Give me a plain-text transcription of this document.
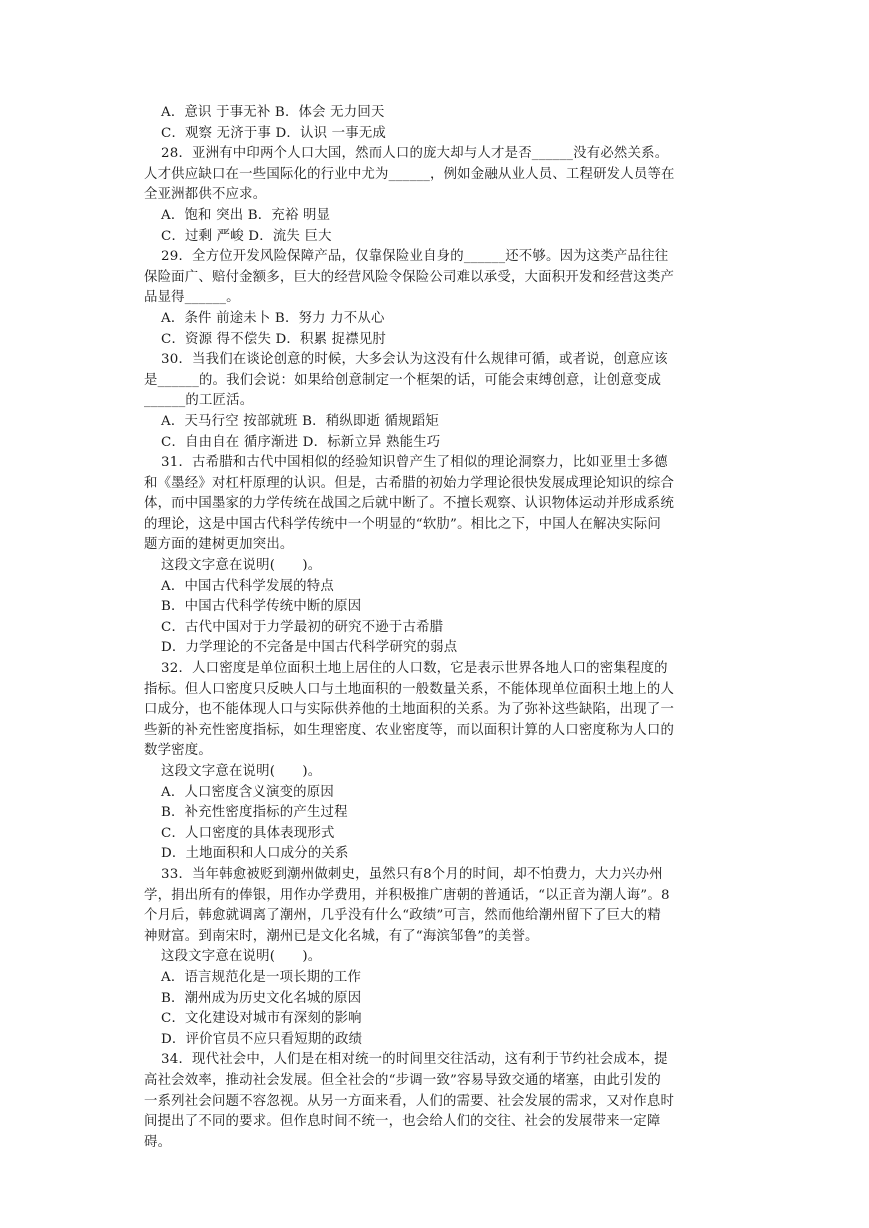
A．意识 于事无补 B．体会 无力回天
C．观察 无济于事 D．认识 一事无成
28．亚洲有中印两个人口大国，然而人口的庞大却与人才是否______没有必然关系。
人才供应缺口在一些国际化的行业中尤为______，例如金融从业人员、工程研发人员等在
全亚洲都供不应求。
A．饱和 突出 B．充裕 明显
C．过剩 严峻 D．流失 巨大
29．全方位开发风险保障产品，仅靠保险业自身的______还不够。因为这类产品往往
保险面广、赔付金额多，巨大的经营风险令保险公司难以承受，大面积开发和经营这类产
品显得______。
A．条件 前途未卜 B．努力 力不从心
C．资源 得不偿失 D．积累 捉襟见肘
30．当我们在谈论创意的时候，大多会认为这没有什么规律可循，或者说，创意应该
是______的。我们会说：如果给创意制定一个框架的话，可能会束缚创意，让创意变成
______的工匠活。
A．天马行空 按部就班 B．稍纵即逝 循规蹈矩
C．自由自在 循序渐进 D．标新立异 熟能生巧
31．古希腊和古代中国相似的经验知识曾产生了相似的理论洞察力，比如亚里士多德
和《墨经》对杠杆原理的认识。但是，古希腊的初始力学理论很快发展成理论知识的综合
体，而中国墨家的力学传统在战国之后就中断了。不擅长观察、认识物体运动并形成系统
的理论，这是中国古代科学传统中一个明显的“软肋”。相比之下，中国人在解决实际问
题方面的建树更加突出。
这段文字意在说明(　　)。
A．中国古代科学发展的特点
B．中国古代科学传统中断的原因
C．古代中国对于力学最初的研究不逊于古希腊
D．力学理论的不完备是中国古代科学研究的弱点
32．人口密度是单位面积土地上居住的人口数，它是表示世界各地人口的密集程度的
指标。但人口密度只反映人口与土地面积的一般数量关系，不能体现单位面积土地上的人
口成分，也不能体现人口与实际供养他的土地面积的关系。为了弥补这些缺陷，出现了一
些新的补充性密度指标，如生理密度、农业密度等，而以面积计算的人口密度称为人口的
数学密度。
这段文字意在说明(　　)。
A．人口密度含义演变的原因
B．补充性密度指标的产生过程
C．人口密度的具体表现形式
D．土地面积和人口成分的关系
33．当年韩愈被贬到潮州做刺史，虽然只有8个月的时间，却不怕费力，大力兴办州
学，捐出所有的俸银，用作办学费用，并积极推广唐朝的普通话，“以正音为潮人诲”。8
个月后，韩愈就调离了潮州，几乎没有什么“政绩”可言，然而他给潮州留下了巨大的精
神财富。到南宋时，潮州已是文化名城，有了“海滨邹鲁”的美誉。
这段文字意在说明(　　)。
A．语言规范化是一项长期的工作
B．潮州成为历史文化名城的原因
C．文化建设对城市有深刻的影响
D．评价官员不应只看短期的政绩
34．现代社会中，人们是在相对统一的时间里交往活动，这有利于节约社会成本，提
高社会效率，推动社会发展。但全社会的“步调一致”容易导致交通的堵塞，由此引发的
一系列社会问题不容忽视。从另一方面来看，人们的需要、社会发展的需求，又对作息时
间提出了不同的要求。但作息时间不统一，也会给人们的交往、社会的发展带来一定障
碍。
